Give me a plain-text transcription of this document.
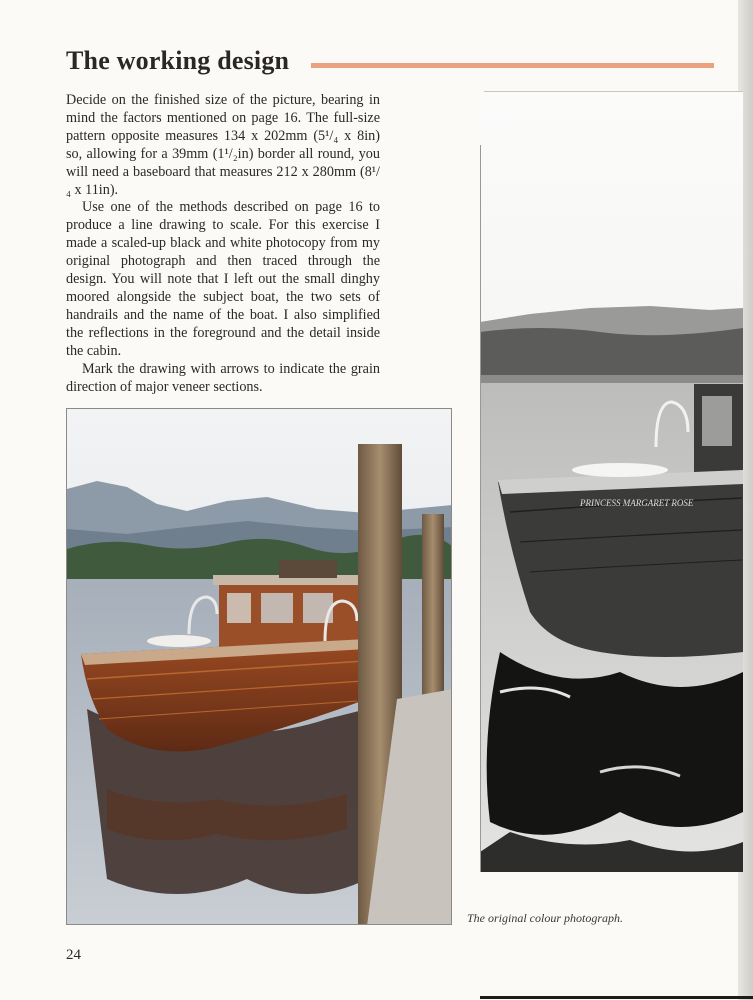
The working design

Decide on the finished size of the picture, bearing in mind the factors mentioned on page 16. The full-size pattern opposite measures 134 x 202mm (5¹/₄ x 8in) so, allowing for a 39mm (1¹/₂in) border all round, you will need a baseboard that measures 212 x 280mm (8¹/₄ x 11in).

Use one of the methods described on page 16 to produce a line drawing to scale. For this exercise I made a scaled-up black and white photocopy from my original photograph and then traced through the design. You will note that I left out the small dinghy moored alongside the subject boat, the two sets of handrails and the name of the boat. I also simplified the reflections in the foreground and the detail inside the cabin.

Mark the drawing with arrows to indicate the grain direction of major veneer sections.

PRINCESS MARGARET ROSE

The original colour photograph.

24
